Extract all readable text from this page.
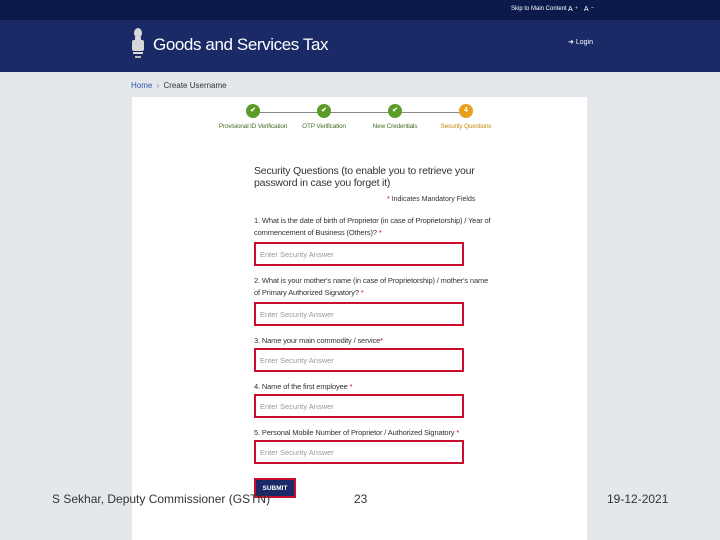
Skip to Main Content A⁺ A⁻
Goods and Services Tax	➜ Login
Home › Create Username
✔
Provisional ID Verification
✔
OTP Verification
✔
New Credentials
4
Security Questions
Security Questions (to enable you to retrieve your password in case you forget it)
* Indicates Mandatory Fields
1. What is the date of birth of Proprietor (in case of Proprietorship) / Year of commencement of Business (Others)? *
Enter Security Answer
2. What is your mother's name (in case of Proprietorship) / mother's name of Primary Authorized Signatory? *
Enter Security Answer
3. Name your main commodity / service*
Enter Security Answer
4. Name of the first employee *
Enter Security Answer
5. Personal Mobile Number of Proprietor / Authorized Signatory *
Enter Security Answer
SUBMIT
S Sekhar, Deputy Commissioner (GSTN)	23	19-12-2021
